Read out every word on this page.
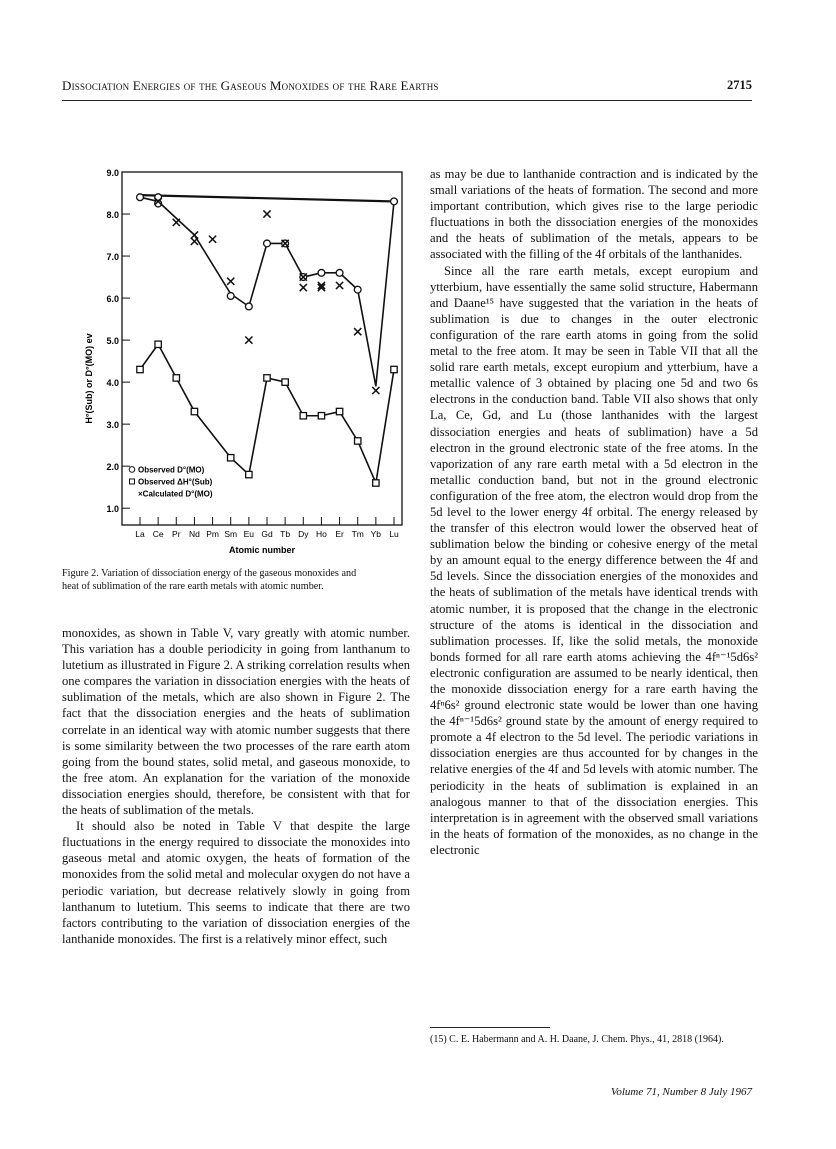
Dissociation Energies of the Gaseous Monoxides of the Rare Earths	2715
1.0
2.0
3.0
4.0
5.0
6.0
7.0
8.0
9.0
La Ce Pr Nd Pm Sm Eu Gd Tb Dy Ho Er Tm Yb Lu
Atomic number
H°(Sub) or D°(MO) ev
Observed D°(MO)
Observed ΔH°(Sub)
×Calculated D°(MO)
Figure 2. Variation of dissociation energy of the gaseous monoxides and heat of sublimation of the rare earth metals with atomic number.

monoxides, as shown in Table V, vary greatly with atomic number. This variation has a double periodicity in going from lanthanum to lutetium as illustrated in Figure 2. A striking correlation results when one compares the variation in dissociation energies with the heats of sublimation of the metals, which are also shown in Figure 2. The fact that the dissociation energies and the heats of sublimation correlate in an identical way with atomic number suggests that there is some similarity between the two processes of the rare earth atom going from the bound states, solid metal, and gaseous monoxide, to the free atom. An explanation for the variation of the monoxide dissociation energies should, therefore, be consistent with that for the heats of sublimation of the metals.

It should also be noted in Table V that despite the large fluctuations in the energy required to dissociate the monoxides into gaseous metal and atomic oxygen, the heats of formation of the monoxides from the solid metal and molecular oxygen do not have a periodic variation, but decrease relatively slowly in going from lanthanum to lutetium. This seems to indicate that there are two factors contributing to the variation of dissociation energies of the lanthanide monoxides. The first is a relatively minor effect, such

as may be due to lanthanide contraction and is indicated by the small variations of the heats of formation. The second and more important contribution, which gives rise to the large periodic fluctuations in both the dissociation energies of the monoxides and the heats of sublimation of the metals, appears to be associated with the filling of the 4f orbitals of the lanthanides.

Since all the rare earth metals, except europium and ytterbium, have essentially the same solid structure, Habermann and Daane¹⁵ have suggested that the variation in the heats of sublimation is due to changes in the outer electronic configuration of the rare earth atoms in going from the solid metal to the free atom. It may be seen in Table VII that all the solid rare earth metals, except europium and ytterbium, have a metallic valence of 3 obtained by placing one 5d and two 6s electrons in the conduction band. Table VII also shows that only La, Ce, Gd, and Lu (those lanthanides with the largest dissociation energies and heats of sublimation) have a 5d electron in the ground electronic state of the free atoms. In the vaporization of any rare earth metal with a 5d electron in the metallic conduction band, but not in the ground electronic configuration of the free atom, the electron would drop from the 5d level to the lower energy 4f orbital. The energy released by the transfer of this electron would lower the observed heat of sublimation below the binding or cohesive energy of the metal by an amount equal to the energy difference between the 4f and 5d levels. Since the dissociation energies of the monoxides and the heats of sublimation of the metals have identical trends with atomic number, it is proposed that the change in the electronic structure of the atoms is identical in the dissociation and sublimation processes. If, like the solid metals, the monoxide bonds formed for all rare earth atoms achieving the 4fⁿ⁻¹5d6s² electronic configuration are assumed to be nearly identical, then the monoxide dissociation energy for a rare earth having the 4fⁿ6s² ground electronic state would be lower than one having the 4fⁿ⁻¹5d6s² ground state by the amount of energy required to promote a 4f electron to the 5d level. The periodic variations in dissociation energies are thus accounted for by changes in the relative energies of the 4f and 5d levels with atomic number. The periodicity in the heats of sublimation is explained in an analogous manner to that of the dissociation energies. This interpretation is in agreement with the observed small variations in the heats of formation of the monoxides, as no change in the electronic

(15) C. E. Habermann and A. H. Daane, J. Chem. Phys., 41, 2818 (1964).
Volume 71, Number 8 July 1967
